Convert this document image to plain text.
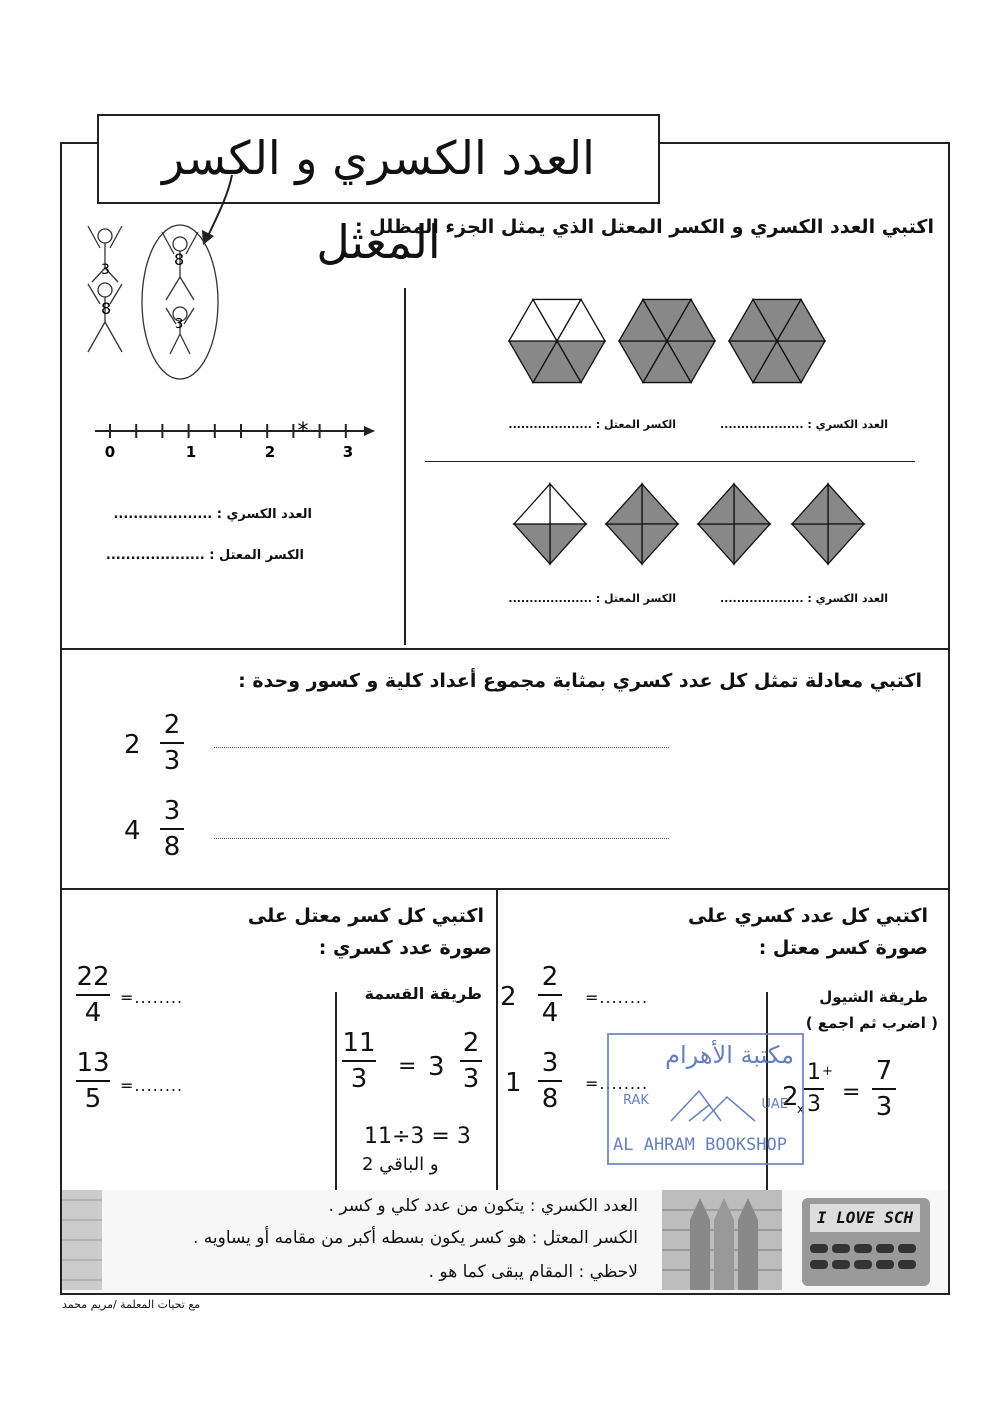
العدد الكسري و الكسر المعتل
اكتبي العدد الكسري و الكسر المعتل الذي يمثل الجزء المظلل :
3
8
8
3
0	1	2	3
*
العدد الكسري : ....................
الكسر المعتل : ....................
العدد الكسري : ....................
الكسر المعتل : ....................
العدد الكسري : ....................
الكسر المعتل : ....................
اكتبي معادلة تمثل كل عدد كسري بمثابة مجموع أعداد كلية و كسور وحدة :
2
2
3
4
3
8
اكتبي كل عدد كسري على
صورة كسر معتل :
2
2
4
=........
1
3
8
=........
طريقة الشيول
( اضرب ثم اجمع )
2
1
3
+
x
=
7
3
اكتبي كل كسر معتل على
صورة عدد كسري :
22
4
=........
13
5 =........
طريقة القسمة
11
3 = 3
2
3
11÷3 = 3
و الباقي 2
مكتبة الأهرام
RAK	UAE
AL AHRAM BOOKSHOP
I LOVE SCH
العدد الكسري : يتكون من عدد كلي و كسر .
الكسر المعتل : هو كسر يكون بسطه أكبر من مقامه أو يساويه .
لاحظي : المقام يبقى كما هو .
مع تحيات المعلمة /مريم محمد
